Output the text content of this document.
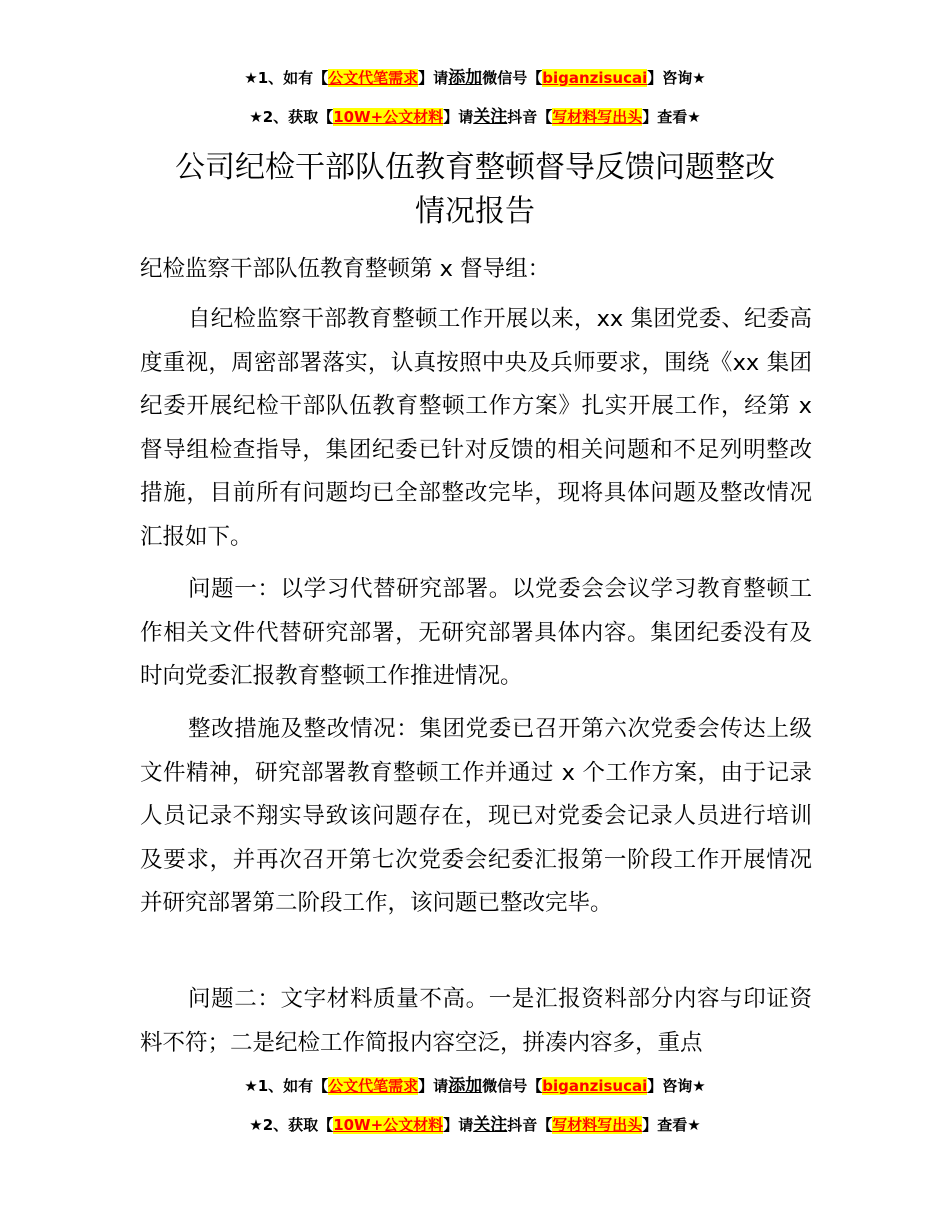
★1、如有【公文代笔需求】请添加微信号【biganzisucai】咨询★
★2、获取【10W+公文材料】请关注抖音【写材料写出头】查看★
公司纪检干部队伍教育整顿督导反馈问题整改
情况报告

纪检监察干部队伍教育整顿第 x 督导组：

自纪检监察干部教育整顿工作开展以来，xx 集团党委、纪委高度重视，周密部署落实，认真按照中央及兵师要求，围绕《xx 集团纪委开展纪检干部队伍教育整顿工作方案》扎实开展工作，经第 x 督导组检查指导，集团纪委已针对反馈的相关问题和不足列明整改措施，目前所有问题均已全部整改完毕，现将具体问题及整改情况汇报如下。

问题一：以学习代替研究部署。以党委会会议学习教育整顿工作相关文件代替研究部署，无研究部署具体内容。集团纪委没有及时向党委汇报教育整顿工作推进情况。

整改措施及整改情况：集团党委已召开第六次党委会传达上级文件精神，研究部署教育整顿工作并通过 x 个工作方案，由于记录人员记录不翔实导致该问题存在，现已对党委会记录人员进行培训及要求，并再次召开第七次党委会纪委汇报第一阶段工作开展情况并研究部署第二阶段工作，该问题已整改完毕。

问题二：文字材料质量不高。一是汇报资料部分内容与印证资料不符；二是纪检工作简报内容空泛，拼凑内容多，重点

★1、如有【公文代笔需求】请添加微信号【biganzisucai】咨询★
★2、获取【10W+公文材料】请关注抖音【写材料写出头】查看★
